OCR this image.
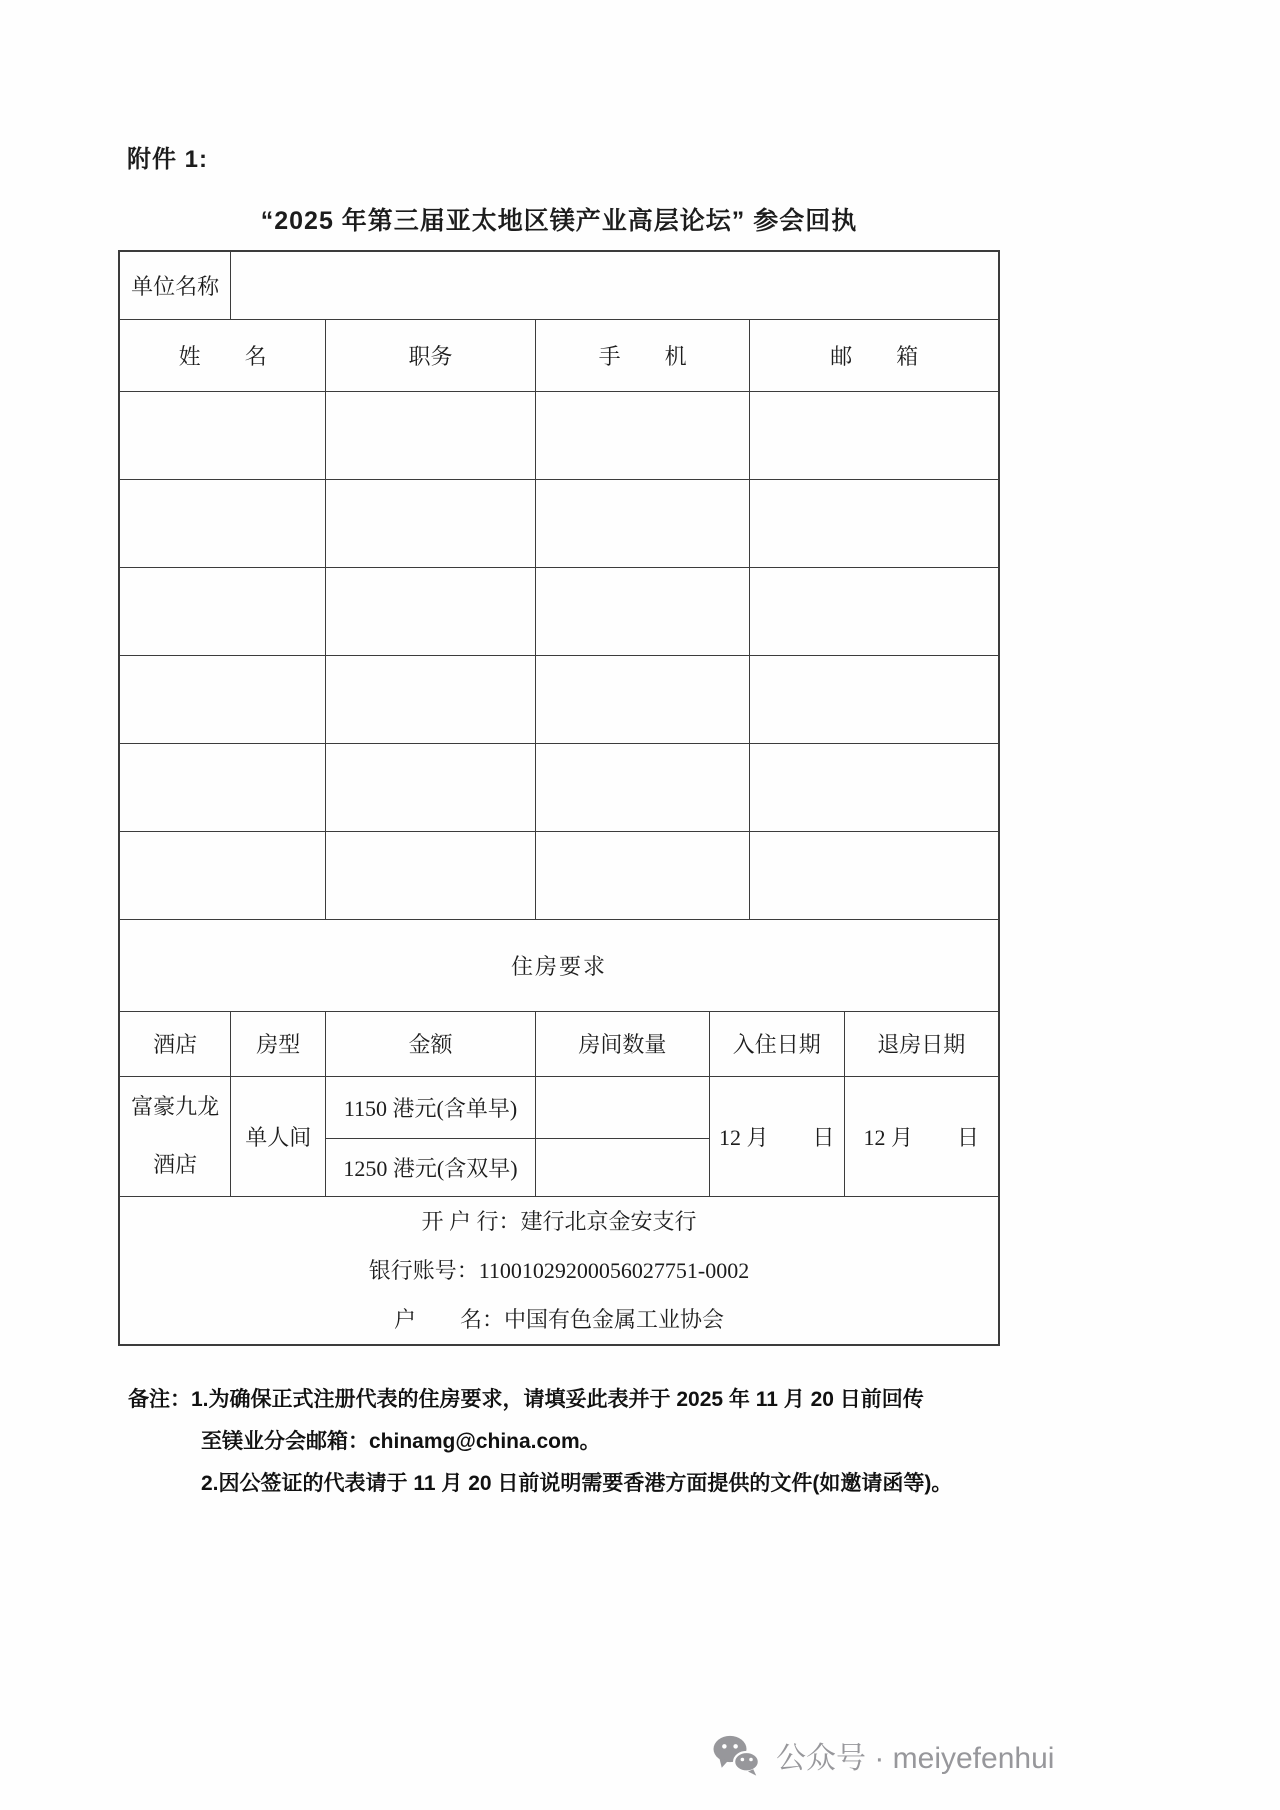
附件 1:
“2025 年第三届亚太地区镁产业高层论坛” 参会回执
单位名称						
姓　　名		职务	手　　机		邮　　箱	

住房要求						
酒店	房型	金额	房间数量	入住日期		退房日期

富豪九龙
酒店	单人间	1150 港元(含单早)		12 月　　日		12 月　　日
		1250 港元(含双早)				

开 户 行：建行北京金安支行
银行账号：11001029200056027751-0002
户　　名：中国有色金属工业协会						
备注：1.为确保正式注册代表的住房要求，请填妥此表并于 2025 年 11 月 20 日前回传
至镁业分会邮箱：chinamg@china.com。
2.因公签证的代表请于 11 月 20 日前说明需要香港方面提供的文件(如邀请函等)。
公众号 · meiyefenhui
